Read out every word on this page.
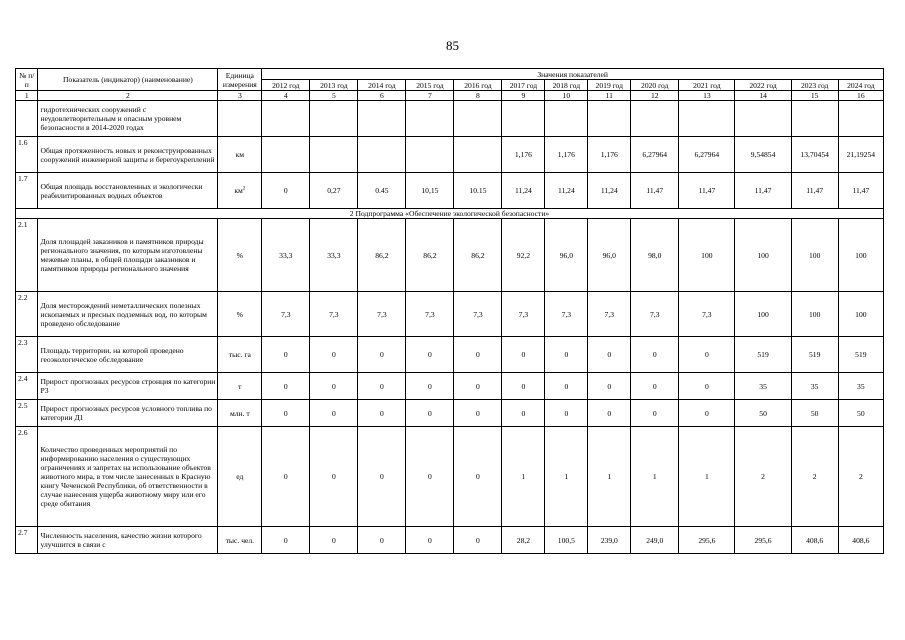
85
№ п/п	Показатель (индикатор) (наименование)	Единица измерения	Значения показателей												
			2012 год	2013 год	2014 год	2015 год	2016 год	2017 год	2018 год	2019 год	2020 год	2021 год	2022 год	2023 год	2024 год
1	2	3	4	5	6	7	8	9	10	11	12	13	14	15	16
	гидротехнических сооружений с неудовлетворительным и опасным уровнем безопасности в 2014-2020 годах														
1.6	Общая протяженность новых и реконструированных сооружений инженерной защиты и берегоукреплений	км						1,176	1,176	1,176	6,27964	6,27964	9,54854	13,70454	21,19254
1.7	Общая площадь восстановленных и экологически реабилитированных водных объектов	$км^2$	0	0,27	0.45	10,15	10.15	11,24	11,24	11,24	11,47	11,47	11,47	11,47	11,47
2 Подпрограмма «Обеспечение экологической безопасности»															
2.1	Доля площадей заказников и памятников природы регионального значения, по которым изготовлены межевые планы, в общей площади заказников и памятников природы регионального значения	%	33,3	33,3	86,2	86,2	86,2	92,2	96,0	96,0	98,0	100	100	100	100
2.2	Доля месторождений неметаллических полезных ископаемых и пресных подземных вод, по которым проведено обследование	%	7,3	7,3	7,3	7,3	7,3	7,3	7,3	7,3	7,3	7,3	100	100	100
2.3	Площадь территории, на которой проведено геоэкологическое обследование	тыс. га	0	0	0	0	0	0	0	0	0	0	519	519	519
2.4	Прирост прогнозных ресурсов стронция по категории Р3	т	0	0	0	0	0	0	0	0	0	0	35	35	35
2.5	Прирост прогнозных ресурсов условного топлива по категории Д1	млн. т	0	0	0	0	0	0	0	0	0	0	50	50	50
2.6	Количество проведенных мероприятий по информированию населения о существующих ограничениях и запретах на использование объектов животного мира, в том числе занесенных в Красную книгу Чеченской Республики, об ответственности в случае нанесения ущерба животному миру или его среде обитания	ед	0	0	0	0	0	1	1	1	1	1	2	2	2
2.7	Численность населения, качество жизни которого улучшится в связи с	тыс. чел.	0	0	0	0	0	28,2	100,5	239,0	249,0	295,6	295,6	408,6	408,6
